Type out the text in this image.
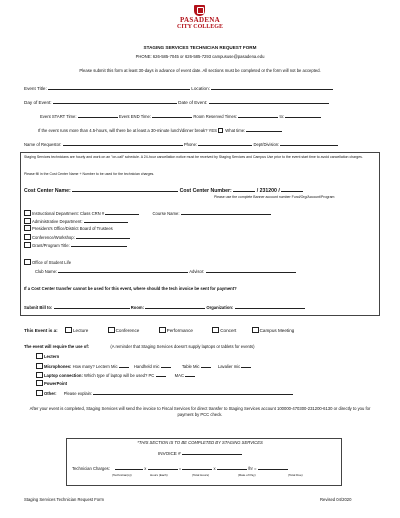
PASADENA
CITY COLLEGE
STAGING SERVICES TECHNICIAN REQUEST FORM
PHONE: 626-585-7045 or 626-585-7293 campususe@pasadena.edu
Please submit this form at least 30-days in advance of event date. All sections must be completed or the form will not be accepted.
Event Title:	Location:
Day of Event:	Date of Event:
Event START Time:	Event END Time:	Room Reserved Times:	to:
If the event runs more than 4.5-hours, will there be at least a 30-minute lunch/dinner break? YES What time:
Name of Requestor:	Phone:	Dept/Division:
Staging Services technicians are hourly and work on an "on-call" schedule. A 24-hour cancellation notice must be received by Staging Services and Campus Use prior to the event start time to avoid cancellation charges.
Please fill in the Cost Center Name + Number to be used for the technician charges.
Cost Center Name:	Cost Center Number:	/ 231200 /
Please use the complete Banner account number Fund/Org/Account/Program
Instructional Department: Class CRN #	Course Name:
Administrative Department:
President's Office/District Board of Trustees
Conference/Workshop:
Grant/Program Title:
Office of Student Life
Club Name:	Advisor:
If a Cost Center transfer cannot be used for this event, where should the tech invoice be sent for payment?
Submit Bill to:	Room:	Organization:
This Event is a:	Lecture	Conference	Performance	Concert	Campus Meeting
The event will require the use of:	(A reminder that Staging Services doesn't supply laptops or tablets for events)
Lectern
Microphones: How many? Lectern Mic	Handheld mic	Table Mic	Lavalier mic
Laptop connection: Which type of laptop will be used? PC	MAC
PowerPoint
Other: Please explain:
After your event is completed, Staging Services will send the invoice to Fiscal Services for direct transfer to Staging Services account 100000-470300-231200-6130 or directly to you for payment by PCC check.
*THIS SECTION IS TO BE COMPLETED BY STAGING SERVICES
INVOICE #
Technician Charges:	x	=	x	/hr =
(Technician(s))	Hours (Each)	(Total Hours)	(Rate of Pay)	(Total Due)
Staging Services Technician Request Form	Revised 04/2020
